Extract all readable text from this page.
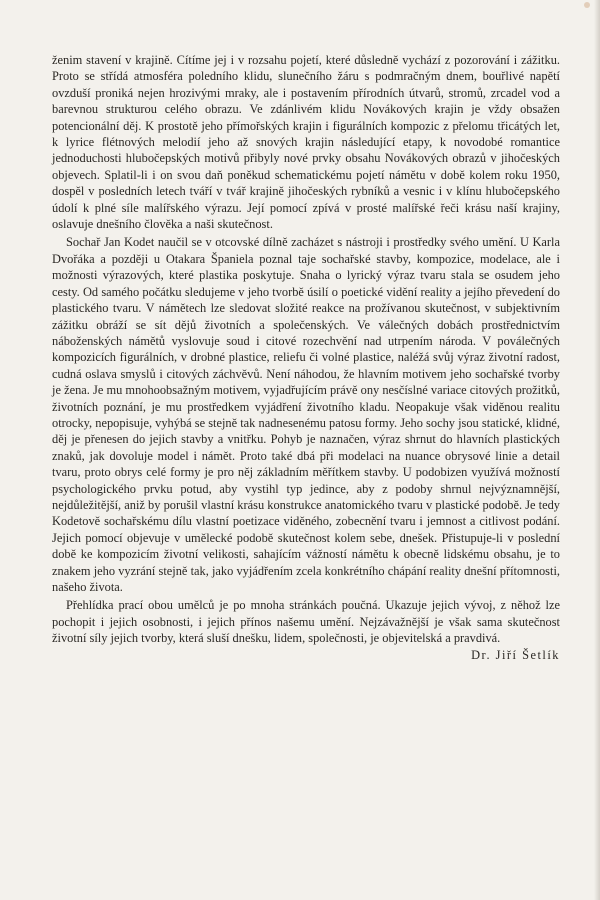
ženim stavení v krajině. Cítíme jej i v rozsahu pojetí, které důsledně vychází z pozorování i zážitku. Proto se střídá atmosféra poledního klidu, slunečního žáru s podmračným dnem, bouřlivé napětí ovzduší proniká nejen hrozivými mraky, ale i postavením přírodních útvarů, stromů, zrcadel vod a barevnou strukturou celého obrazu. Ve zdánlivém klidu Novákových krajin je vždy obsažen potencionální děj. K prostotě jeho přímořských krajin i figurálních kompozic z přelomu třicátých let, k lyrice flétnových melodií jeho až snových krajin následující etapy, k novodobé romantice jednoduchosti hlubočepských motivů přibyly nové prvky obsahu Novákových obrazů v jihočeských objevech. Splatil-li i on svou daň poněkud schematickému pojetí námětu v době kolem roku 1950, dospěl v posledních letech tváří v tvář krajině jihočeských rybníků a vesnic i v klínu hlubočepského údolí k plné síle malířského výrazu. Její pomocí zpívá v prosté malířské řeči krásu naší krajiny, oslavuje dnešního člověka a naši skutečnost.

Sochař Jan Kodet naučil se v otcovské dílně zacházet s nástroji i prostředky svého umění. U Karla Dvořáka a později u Otakara Španiela poznal taje sochařské stavby, kompozice, modelace, ale i možnosti výrazových, které plastika poskytuje. Snaha o lyrický výraz tvaru stala se osudem jeho cesty. Od samého počátku sledujeme v jeho tvorbě úsilí o poetické vidění reality a jejího převedení do plastického tvaru. V námětech lze sledovat složité reakce na prožívanou skutečnost, v subjektivním zážitku obráží se sít dějů životních a společenských. Ve válečných dobách prostřednictvím náboženských námětů vyslovuje soud i citové rozechvění nad utrpením národa. V poválečných kompozicích figurálních, v drobné plastice, reliefu či volné plastice, naléžá svůj výraz životní radost, cudná oslava smyslů i citových záchvěvů. Není náhodou, že hlavním motivem jeho sochařské tvorby je žena. Je mu mnohoobsažným motivem, vyjadřujícím právě ony nesčíslné variace citových prožitků, životních poznání, je mu prostředkem vyjádření životního kladu. Neopakuje však viděnou realitu otrocky, nepopisuje, vyhýbá se stejně tak nadnesenému patosu formy. Jeho sochy jsou statické, klidné, děj je přenesen do jejich stavby a vnitřku. Pohyb je naznačen, výraz shrnut do hlavních plastických znaků, jak dovoluje model i námět. Proto také dbá při modelaci na nuance obrysové linie a detail tvaru, proto obrys celé formy je pro něj základním měřítkem stavby. U podobizen využívá možností psychologického prvku potud, aby vystihl typ jedince, aby z podoby shrnul nejvýznamnější, nejdůležitější, aniž by porušil vlastní krásu konstrukce anatomického tvaru v plastické podobě. Je tedy Kodetově sochařskému dílu vlastní poetizace viděného, zobecnění tvaru i jemnost a citlivost podání. Jejich pomocí objevuje v umělecké podobě skutečnost kolem sebe, dnešek. Přistupuje-li v poslední době ke kompozicím životní velikosti, sahajícím vážností námětu k obecně lidskému obsahu, je to znakem jeho vyzrání stejně tak, jako vyjádřením zcela konkrétního chápání reality dnešní přítomnosti, našeho života.

Přehlídka prací obou umělců je po mnoha stránkách poučná. Ukazuje jejich vývoj, z něhož lze pochopit i jejich osobnosti, i jejich přínos našemu umění. Nejzávažnější je však sama skutečnost životní síly jejich tvorby, která sluší dnešku, lidem, společnosti, je objevitelská a pravdivá.
Dr. Jiří Šetlík
